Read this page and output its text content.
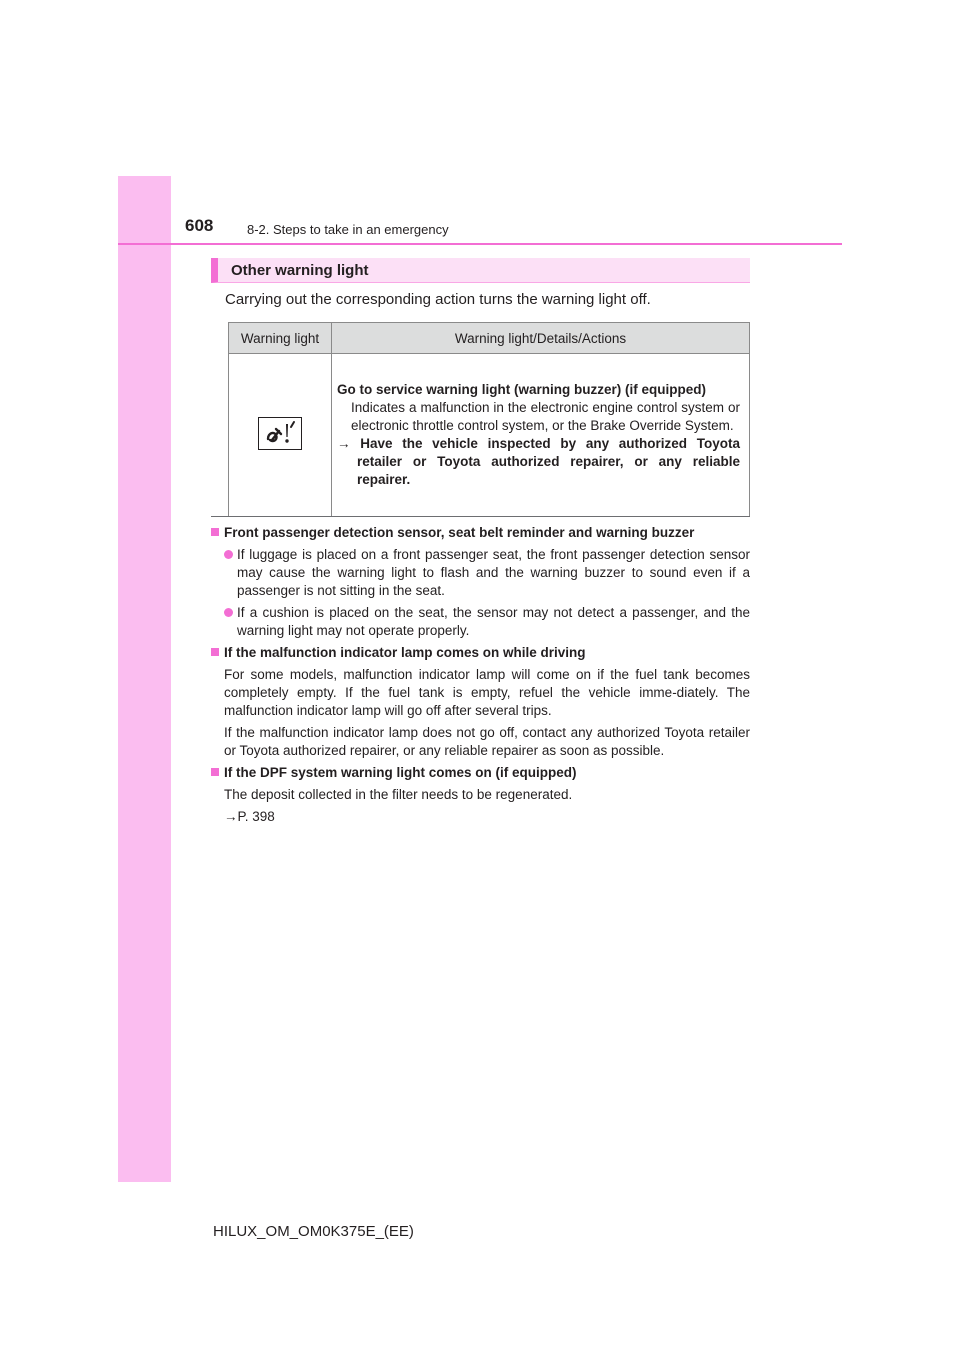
608	8-2. Steps to take in an emergency
Other warning light
Carrying out the corresponding action turns the warning light off.
Warning light	Warning light/Details/Actions

Go to service warning light (warning buzzer) (if equipped)
Indicates a malfunction in the electronic engine control system or electronic throttle control system, or the Brake Override System.
→ Have the vehicle inspected by any authorized Toyota retailer or Toyota authorized repairer, or any reliable repairer.
Front passenger detection sensor, seat belt reminder and warning buzzer
If luggage is placed on a front passenger seat, the front passenger detection sensor may cause the warning light to flash and the warning buzzer to sound even if a passenger is not sitting in the seat.
If a cushion is placed on the seat, the sensor may not detect a passenger, and the warning light may not operate properly.
If the malfunction indicator lamp comes on while driving
For some models, malfunction indicator lamp will come on if the fuel tank becomes completely empty. If the fuel tank is empty, refuel the vehicle imme-diately. The malfunction indicator lamp will go off after several trips.
If the malfunction indicator lamp does not go off, contact any authorized Toyota retailer or Toyota authorized repairer, or any reliable repairer as soon as possible.
If the DPF system warning light comes on (if equipped)
The deposit collected in the filter needs to be regenerated.
→P. 398
HILUX_OM_OM0K375E_(EE)
